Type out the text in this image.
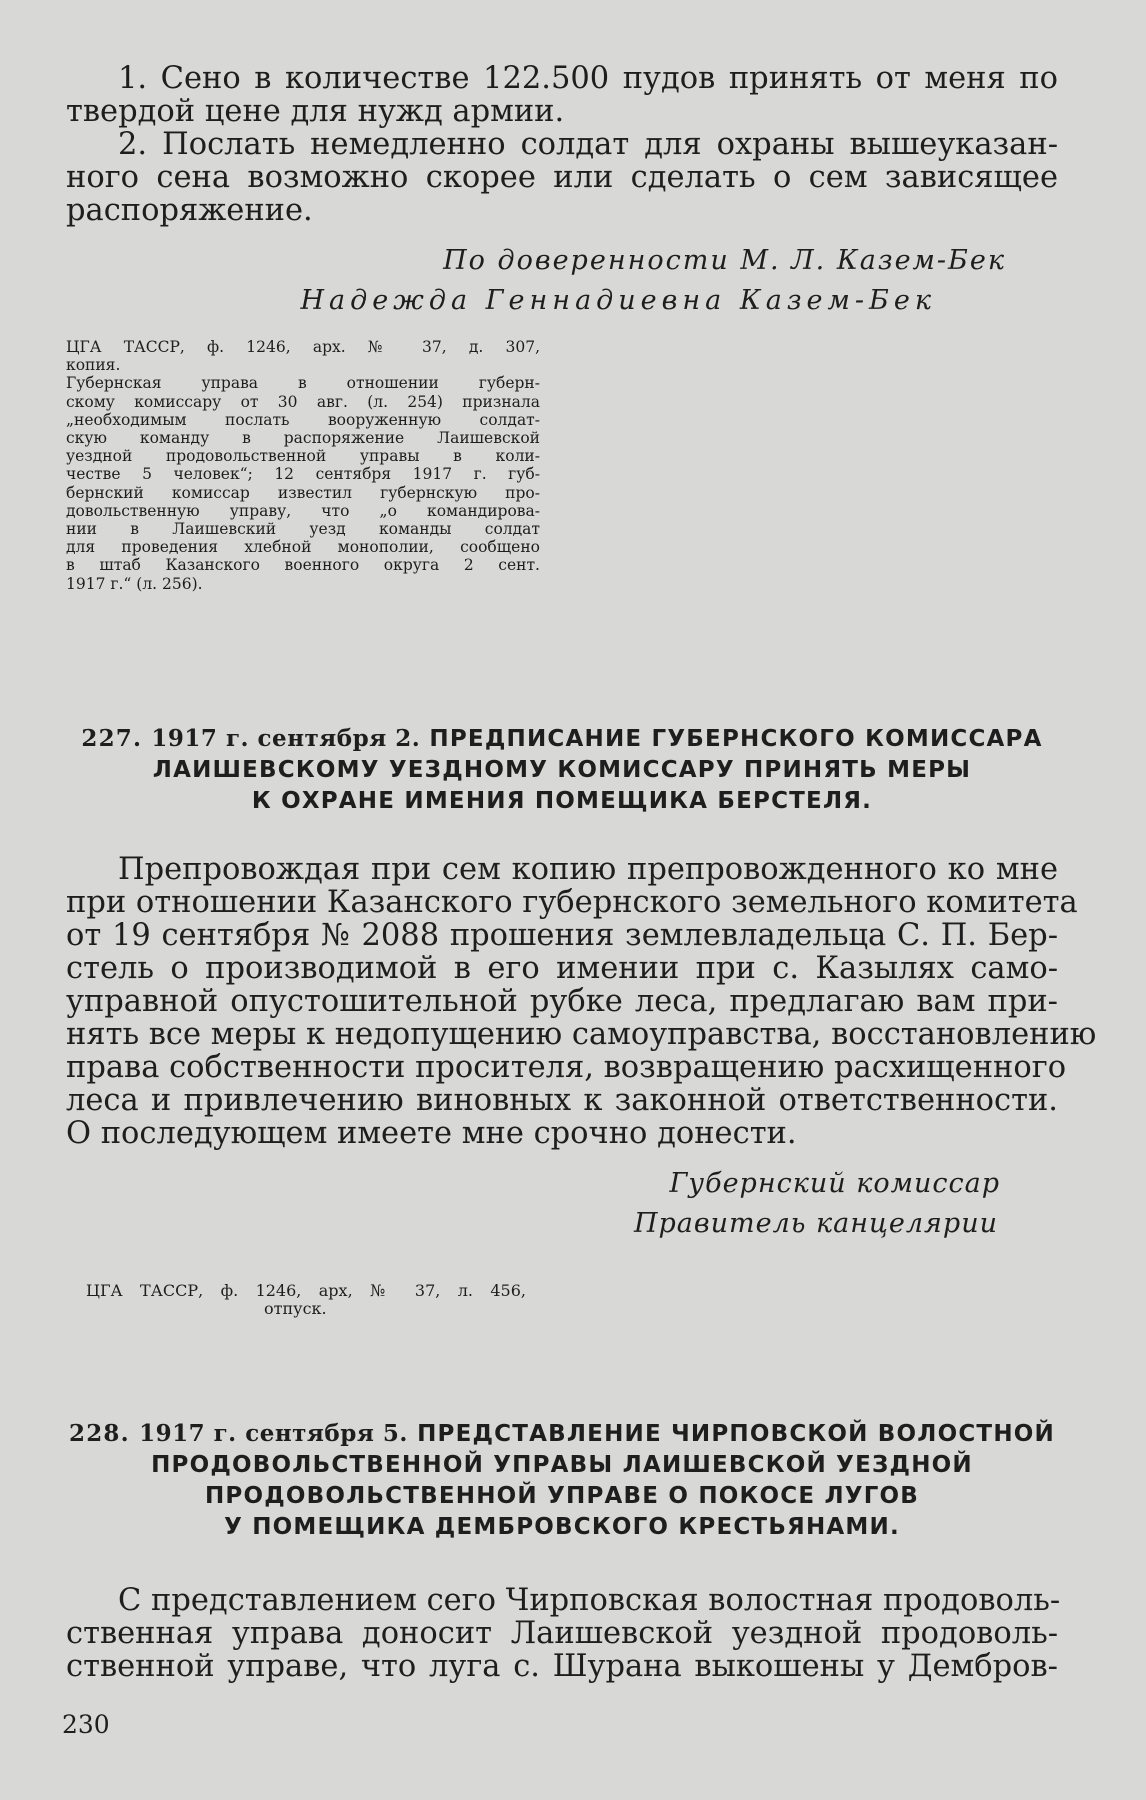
1. Сено в количестве 122.500 пудов принять от меня по
твердой цене для нужд армии.
2. Послать немедленно солдат для охраны вышеуказан-
ного сена возможно скорее или сделать о сем зависящее
распоряжение.
По доверенности М. Л. Казем-Бек
Надежда Геннадиевна Казем-Бек
ЦГА ТАССР, ф. 1246, арх. № 37, д. 307,
копия.
Губернская управа в отношении губерн-
скому комиссару от 30 авг. (л. 254) признала
„необходимым послать вооруженную солдат-
скую команду в распоряжение Лаишевской
уездной продовольственной управы в коли-
честве 5 человек“; 12 сентября 1917 г. губ-
бернский комиссар известил губернскую про-
довольственную управу, что „о командирова-
нии в Лаишевский уезд команды солдат
для проведения хлебной монополии, сообщено
в штаб Казанского военного округа 2 сент.
1917 г.“ (л. 256).
227. 1917 г. сентября 2. ПРЕДПИСАНИЕ ГУБЕРНСКОГО КОМИССАРА
ЛАИШЕВСКОМУ УЕЗДНОМУ КОМИССАРУ ПРИНЯТЬ МЕРЫ
К ОХРАНЕ ИМЕНИЯ ПОМЕЩИКА БЕРСТЕЛЯ.
Препровождая при сем копию препровожденного ко мне
при отношении Казанского губернского земельного комитета
от 19 сентября № 2088 прошения землевладельца С. П. Бер-
стель о производимой в его имении при с. Казылях само-
управной опустошительной рубке леса, предлагаю вам при-
нять все меры к недопущению самоуправства, восстановлению
права собственности просителя, возвращению расхищенного
леса и привлечению виновных к законной ответственности.
О последующем имеете мне срочно донести.
Губернский комиссар
Правитель канцелярии
ЦГА ТАССР, ф. 1246, арх, № 37, л. 456,
отпуск.
228. 1917 г. сентября 5. ПРЕДСТАВЛЕНИЕ ЧИРПОВСКОЙ ВОЛОСТНОЙ
ПРОДОВОЛЬСТВЕННОЙ УПРАВЫ ЛАИШЕВСКОЙ УЕЗДНОЙ
ПРОДОВОЛЬСТВЕННОЙ УПРАВЕ О ПОКОСЕ ЛУГОВ
У ПОМЕЩИКА ДЕМБРОВСКОГО КРЕСТЬЯНАМИ.
С представлением сего Чирповская волостная продоволь-
ственная управа доносит Лаишевской уездной продоволь-
ственной управе, что луга с. Шурана выкошены у Дембров-
230
